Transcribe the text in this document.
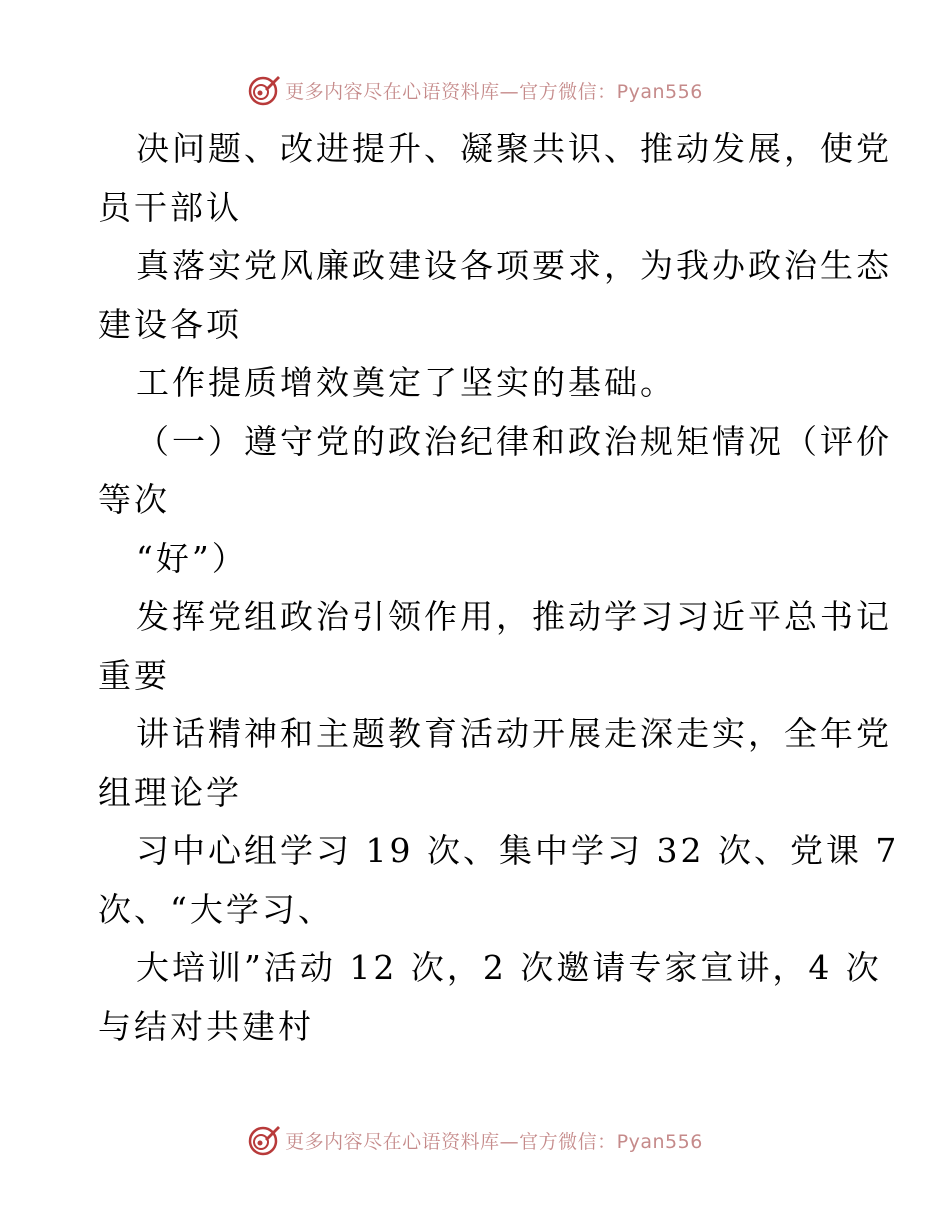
更多内容尽在心语资料库—官方微信：Pyan556
决问题、改进提升、凝聚共识、推动发展，使党
员干部认
真落实党风廉政建设各项要求，为我办政治生态
建设各项
工作提质增效奠定了坚实的基础。
（一）遵守党的政治纪律和政治规矩情况（评价
等次
“好”）
发挥党组政治引领作用，推动学习习近平总书记
重要
讲话精神和主题教育活动开展走深走实，全年党
组理论学
习中心组学习 19 次、集中学习 32 次、党课 7
次、“大学习、
大培训”活动 12 次，2 次邀请专家宣讲，4 次
与结对共建村
更多内容尽在心语资料库—官方微信：Pyan556
